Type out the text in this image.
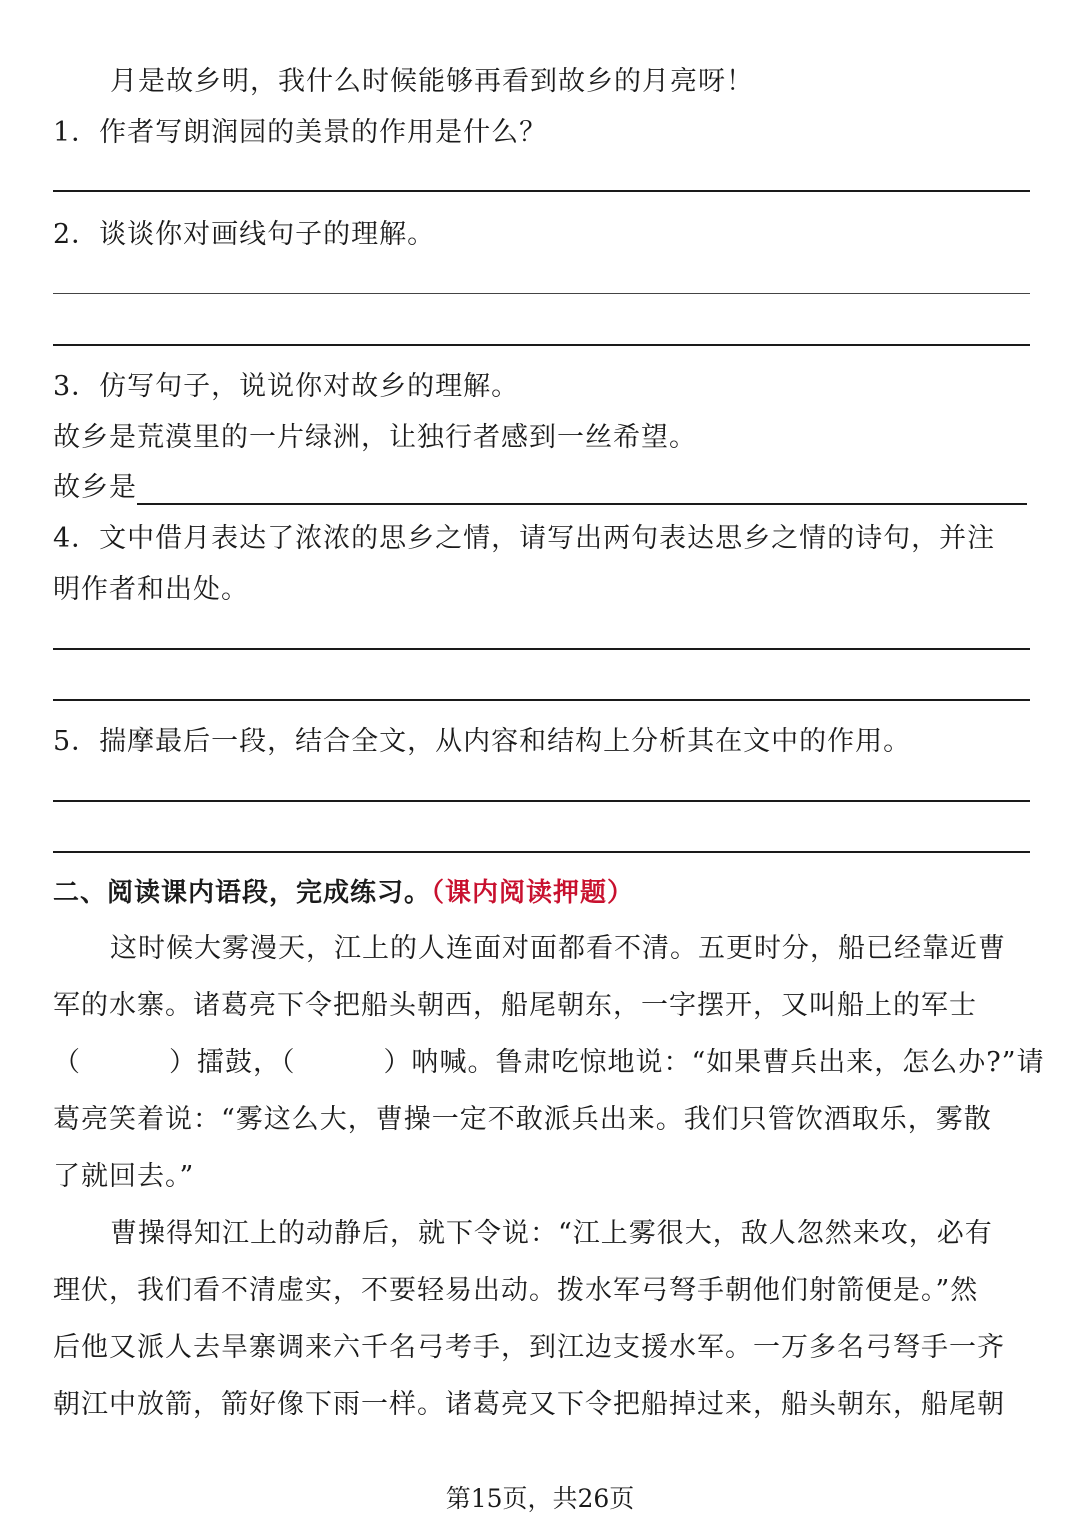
月是故乡明，我什么时候能够再看到故乡的月亮呀！
1．作者写朗润园的美景的作用是什么？
2．谈谈你对画线句子的理解。
3．仿写句子，说说你对故乡的理解。
故乡是荒漠里的一片绿洲，让独行者感到一丝希望。
故乡是
4．文中借月表达了浓浓的思乡之情，请写出两句表达思乡之情的诗句，并注
明作者和出处。
5．揣摩最后一段，结合全文，从内容和结构上分析其在文中的作用。
二、阅读课内语段，完成练习。（课内阅读押题）
这时候大雾漫天，江上的人连面对面都看不清。五更时分，船已经靠近曹
军的水寨。诸葛亮下令把船头朝西，船尾朝东，一字摆开，又叫船上的军士
（	）擂鼓，（	）呐喊。鲁肃吃惊地说：“如果曹兵出来，怎么办?”请
葛亮笑着说：“雾这么大，曹操一定不敢派兵出来。我们只管饮酒取乐，雾散
了就回去。”
曹操得知江上的动静后，就下令说：“江上雾很大，敌人忽然来攻，必有
理伏，我们看不清虚实，不要轻易出动。拨水军弓弩手朝他们射箭便是。”然
后他又派人去旱寨调来六千名弓考手，到江边支援水军。一万多名弓弩手一齐
朝江中放箭，箭好像下雨一样。诸葛亮又下令把船掉过来，船头朝东，船尾朝
第15页，共26页
